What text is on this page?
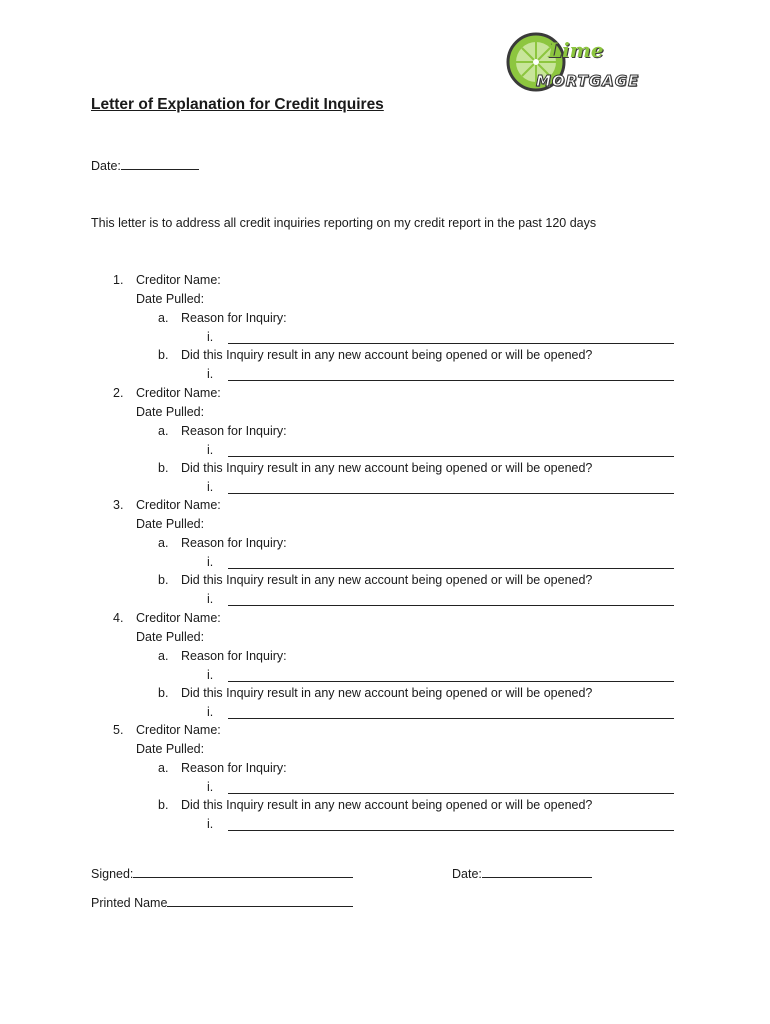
Lime
MORTGAGE
Letter of Explanation for Credit Inquires
Date:
This letter is to address all credit inquiries reporting on my credit report in the past 120 days
1. Creditor Name:
Date Pulled:
a. Reason for Inquiry:
i.
b. Did this Inquiry result in any new account being opened or will be opened?
i.
2. Creditor Name:
Date Pulled:
a. Reason for Inquiry:
i.
b. Did this Inquiry result in any new account being opened or will be opened?
i.
3. Creditor Name:
Date Pulled:
a. Reason for Inquiry:
i.
b. Did this Inquiry result in any new account being opened or will be opened?
i.
4. Creditor Name:
Date Pulled:
a. Reason for Inquiry:
i.
b. Did this Inquiry result in any new account being opened or will be opened?
i.
5. Creditor Name:
Date Pulled:
a. Reason for Inquiry:
i.
b. Did this Inquiry result in any new account being opened or will be opened?
i.
Signed:	Date:
Printed Name
